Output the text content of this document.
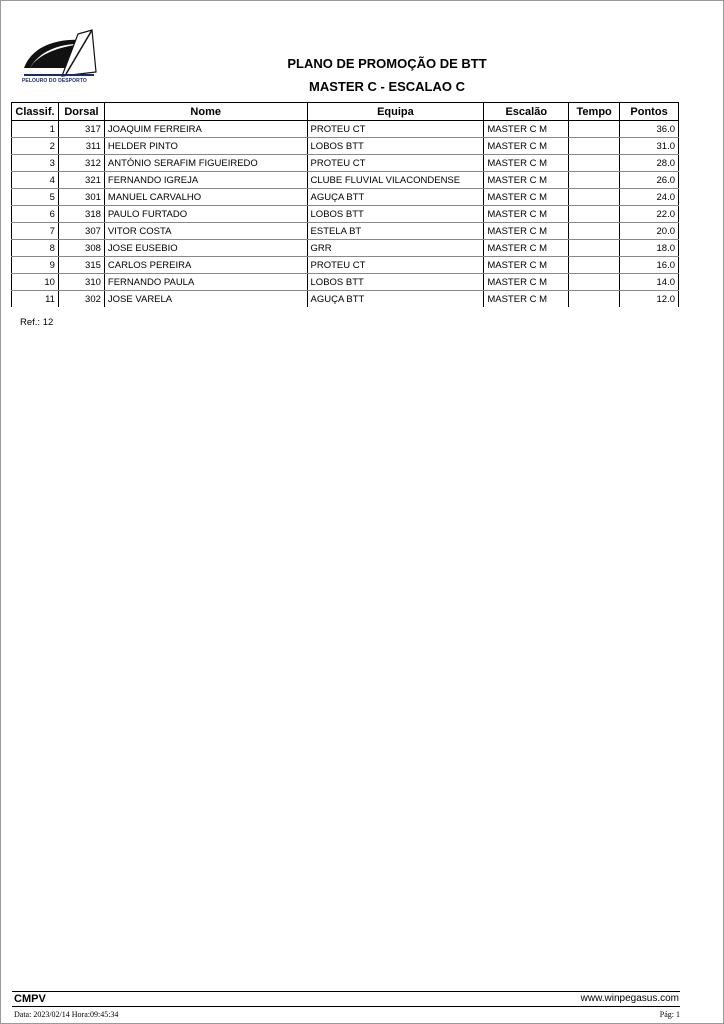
PELOURO DO DESPORTO
PLANO DE PROMOÇÃO DE BTT
MASTER C - ESCALAO C
Classif.	Dorsal	Nome	Equipa	Escalão	Tempo	Pontos
1	317	JOAQUIM FERREIRA	PROTEU CT	MASTER C M		36.0
2	311	HELDER PINTO	LOBOS BTT	MASTER C M		31.0
3	312	ANTÓNIO SERAFIM FIGUEIREDO	PROTEU CT	MASTER C M		28.0
4	321	FERNANDO IGREJA	CLUBE FLUVIAL VILACONDENSE	MASTER C M		26.0
5	301	MANUEL CARVALHO	AGUÇA BTT	MASTER C M		24.0
6	318	PAULO FURTADO	LOBOS BTT	MASTER C M		22.0
7	307	VITOR COSTA	ESTELA BT	MASTER C M		20.0
8	308	JOSE EUSEBIO	GRR	MASTER C M		18.0
9	315	CARLOS PEREIRA	PROTEU CT	MASTER C M		16.0
10	310	FERNANDO PAULA	LOBOS BTT	MASTER C M		14.0
11	302	JOSE VARELA	AGUÇA BTT	MASTER C M		12.0
Ref.: 12
CMPV	www.winpegasus.com
Data: 2023/02/14 Hora:09:45:34	Pág: 1
